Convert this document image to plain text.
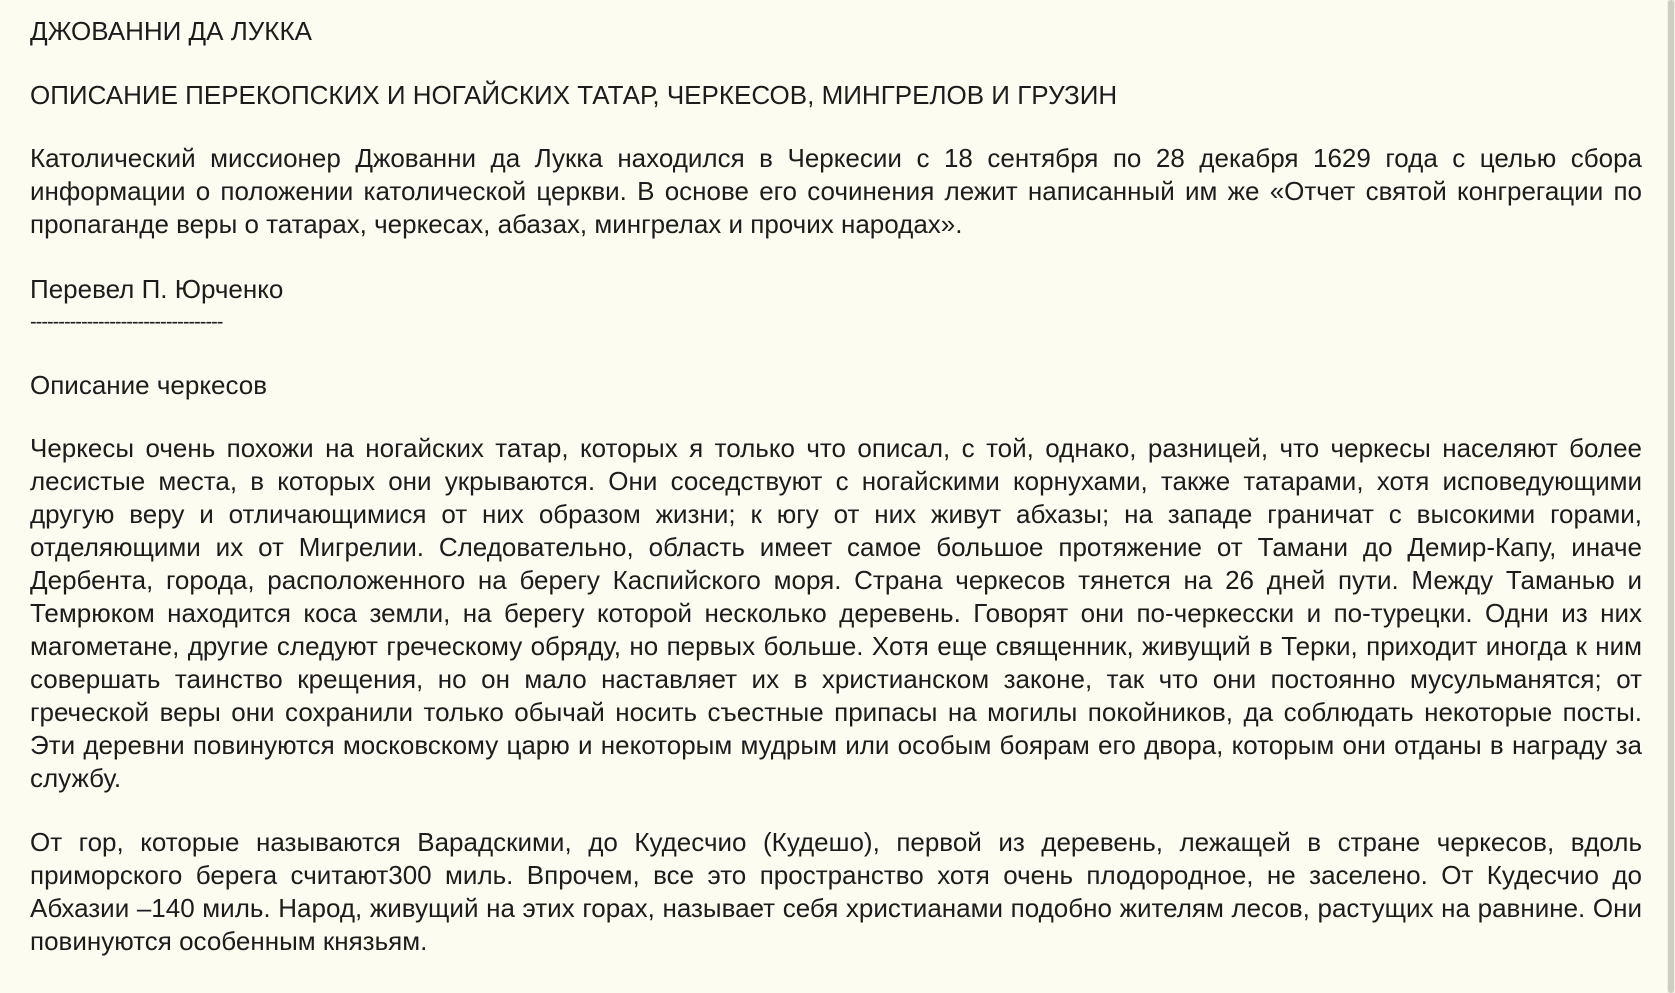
ДЖОВАННИ ДА ЛУККА

ОПИСАНИЕ ПЕРЕКОПСКИХ И НОГАЙСКИХ ТАТАР, ЧЕРКЕСОВ, МИНГРЕЛОВ И ГРУЗИН

Католический миссионер Джованни да Лукка находился в Черкесии с 18 сентября по 28 декабря 1629 года с целью сбора информации о положении католической церкви. В основе его сочинения лежит написанный им же «Отчет святой конгрегации по пропаганде веры о татарах, черкесах, абазах, мингрелах и прочих народах».

Перевел П. Юрченко

----------------------------------

Описание черкесов

Черкесы очень похожи на ногайских татар, которых я только что описал, с той, однако, разницей, что черкесы населяют более лесистые места, в которых они укрываются. Они соседствуют с ногайскими корнухами, также татарами, хотя исповедующими другую веру и отличающимися от них образом жизни; к югу от них живут абхазы; на западе граничат с высокими горами, отделяющими их от Мигрелии. Следовательно, область имеет самое большое протяжение от Тамани до Демир-Капу, иначе Дербента, города, расположенного на берегу Каспийского моря. Страна черкесов тянется на 26 дней пути. Между Таманью и Темрюком находится коса земли, на берегу которой несколько деревень. Говорят они по-черкесски и по-турецки. Одни из них магометане, другие следуют греческому обряду, но первых больше. Хотя еще священник, живущий в Терки, приходит иногда к ним совершать таинство крещения, но он мало наставляет их в христианском законе, так что они постоянно мусульманятся; от греческой веры они сохранили только обычай носить съестные припасы на могилы покойников, да соблюдать некоторые посты. Эти деревни повинуются московскому царю и некоторым мудрым или особым боярам его двора, которым они отданы в награду за службу.

От гор, которые называются Варадскими, до Кудесчио (Кудешо), первой из деревень, лежащей в стране черкесов, вдоль приморского берега считают300 миль. Впрочем, все это пространство хотя очень плодородное, не заселено. От Кудесчио до Абхазии –140 миль. Народ, живущий на этих горах, называет себя христианами подобно жителям лесов, растущих на равнине. Они повинуются особенным князьям.
